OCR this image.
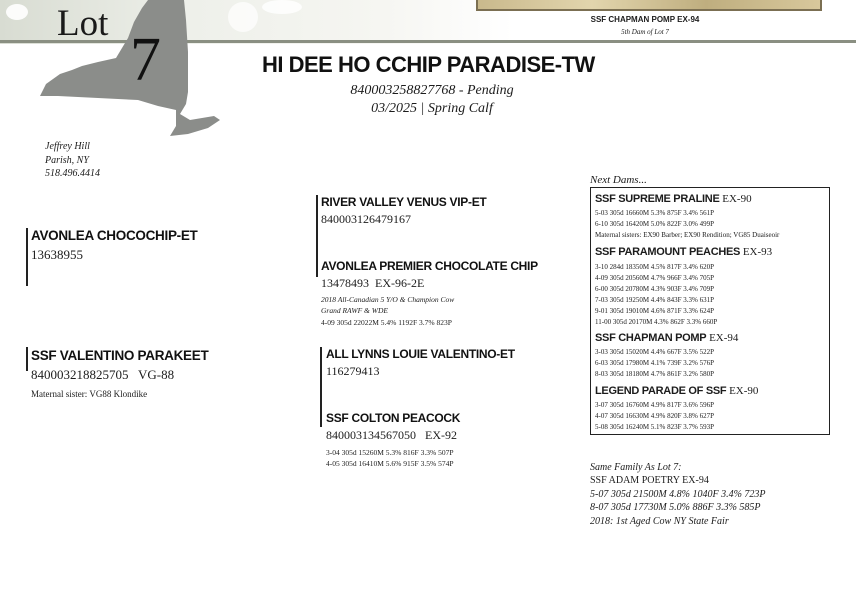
Lot
7
SSF CHAPMAN POMP EX-94
5th Dam of Lot 7
HI DEE HO CCHIP PARADISE-TW
840003258827768 - Pending
03/2025 | Spring Calf
Jeffrey Hill
Parish, NY
518.496.4414
AVONLEA CHOCOCHIP-ET
13638955
SSF VALENTINO PARAKEET
840003218825705   VG-88
Maternal sister: VG88 Klondike
RIVER VALLEY VENUS VIP-ET
840003126479167
AVONLEA PREMIER CHOCOLATE CHIP
13478493  EX-96-2E
2018 All-Canadian 5 Y/O & Champion Cow
Grand RAWF & WDE
4-09 305d 22022M 5.4% 1192F 3.7% 823P
ALL LYNNS LOUIE VALENTINO-ET
116279413
SSF COLTON PEACOCK
840003134567050   EX-92
3-04 305d 15260M 5.3% 816F 3.3% 507P
4-05 305d 16410M 5.6% 915F 3.5% 574P
Next Dams...
SSF SUPREME PRALINE EX-90
5-03 305d 16660M 5.3% 875F 3.4% 561P
6-10 305d 16420M 5.0% 822F 3.0% 499P
Maternal sisters: EX90 Barber; EX90 Rendition; VG85 Duaiseoir
SSF PARAMOUNT PEACHES EX-93
3-10 284d 18350M 4.5% 817F 3.4% 620P
4-09 305d 20560M 4.7% 966F 3.4% 705P
6-00 305d 20780M 4.3% 903F 3.4% 709P
7-03 305d 19250M 4.4% 843F 3.3% 631P
9-01 305d 19010M 4.6% 871F 3.3% 624P
11-00 305d 20170M 4.3% 862F 3.3% 660P
SSF CHAPMAN POMP EX-94
3-03 305d 15020M 4.4% 667F 3.5% 522P
6-03 305d 17980M 4.1% 739F 3.2% 576P
8-03 305d 18180M 4.7% 861F 3.2% 580P
LEGEND PARADE OF SSF EX-90
3-07 305d 16760M 4.9% 817F 3.6% 596P
4-07 305d 16630M 4.9% 820F 3.8% 627P
5-08 305d 16240M 5.1% 823F 3.7% 593P
Same Family As Lot 7:
SSF ADAM POETRY EX-94
5-07 305d 21500M 4.8% 1040F 3.4% 723P
8-07 305d 17730M 5.0% 886F 3.3% 585P
2018: 1st Aged Cow NY State Fair
